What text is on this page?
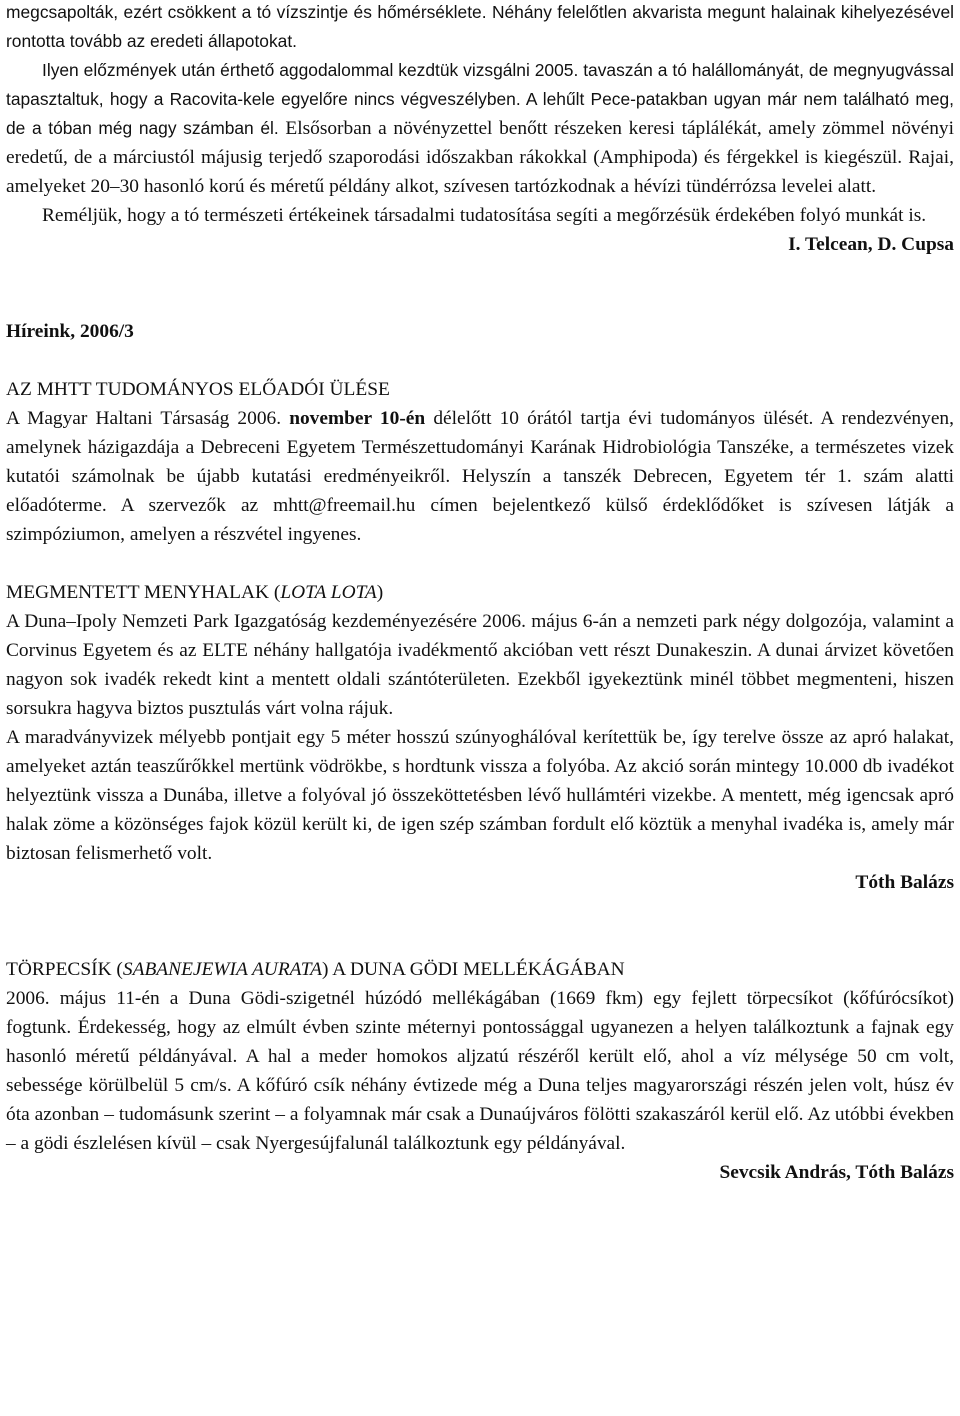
megcsapolták, ezért csökkent a tó vízszintje és hőmérséklete. Néhány felelőtlen akvarista megunt halainak kihelyezésével rontotta tovább az eredeti állapotokat.

Ilyen előzmények után érthető aggodalommal kezdtük vizsgálni 2005. tavaszán a tó halállományát, de megnyugvással tapasztaltuk, hogy a Racovita-kele egyelőre nincs végveszélyben. A lehűlt Pece-patakban ugyan már nem található meg, de a tóban még nagy számban él. Elsősorban a növényzettel benőtt részeken keresi táplálékát, amely zömmel növényi eredetű, de a márciustól májusig terjedő szaporodási időszakban rákokkal (Amphipoda) és férgekkel is kiegészül. Rajai, amelyeket 20–30 hasonló korú és méretű példány alkot, szívesen tartózkodnak a hévízi tündérrózsa levelei alatt.

Reméljük, hogy a tó természeti értékeinek társadalmi tudatosítása segíti a megőrzésük érdekében folyó munkát is.

I. Telcean, D. Cupsa

Híreink, 2006/3

AZ MHTT TUDOMÁNYOS ELŐADÓI ÜLÉSE

A Magyar Haltani Társaság 2006. november 10-én délelőtt 10 órától tartja évi tudományos ülését. A rendezvényen, amelynek házigazdája a Debreceni Egyetem Természettudományi Karának Hidrobiológia Tanszéke, a természetes vizek kutatói számolnak be újabb kutatási eredményeikről. Helyszín a tanszék Debrecen, Egyetem tér 1. szám alatti előadóterme. A szervezők az mhtt@freemail.hu címen bejelentkező külső érdeklődőket is szívesen látják a szimpóziumon, amelyen a részvétel ingyenes.

MEGMENTETT MENYHALAK (LOTA LOTA)

A Duna–Ipoly Nemzeti Park Igazgatóság kezdeményezésére 2006. május 6-án a nemzeti park négy dolgozója, valamint a Corvinus Egyetem és az ELTE néhány hallgatója ivadékmentő akcióban vett részt Dunakeszin. A dunai árvizet követően nagyon sok ivadék rekedt kint a mentett oldali szántóterületen. Ezekből igyekeztünk minél többet megmenteni, hiszen sorsukra hagyva biztos pusztulás várt volna rájuk.

A maradványvizek mélyebb pontjait egy 5 méter hosszú szúnyoghálóval kerítettük be, így terelve össze az apró halakat, amelyeket aztán teaszűrőkkel mertünk vödrökbe, s hordtunk vissza a folyóba. Az akció során mintegy 10.000 db ivadékot helyeztünk vissza a Dunába, illetve a folyóval jó összeköttetésben lévő hullámtéri vizekbe. A mentett, még igencsak apró halak zöme a közönséges fajok közül került ki, de igen szép számban fordult elő köztük a menyhal ivadéka is, amely már biztosan felismerhető volt.

Tóth Balázs

TÖRPECSÍK (SABANEJEWIA AURATA) A DUNA GÖDI MELLÉKÁGÁBAN

2006. május 11-én a Duna Gödi-szigetnél húzódó mellékágában (1669 fkm) egy fejlett törpecsíkot (kőfúrócsíkot) fogtunk. Érdekesség, hogy az elmúlt évben szinte méternyi pontossággal ugyanezen a helyen találkoztunk a fajnak egy hasonló méretű példányával. A hal a meder homokos aljzatú részéről került elő, ahol a víz mélysége 50 cm volt, sebessége körülbelül 5 cm/s. A kőfúró csík néhány évtizede még a Duna teljes magyarországi részén jelen volt, húsz év óta azonban – tudomásunk szerint – a folyamnak már csak a Dunaújváros fölötti szakaszáról kerül elő. Az utóbbi években – a gödi észlelésen kívül – csak Nyergesújfalunál találkoztunk egy példányával.

Sevcsik András, Tóth Balázs
